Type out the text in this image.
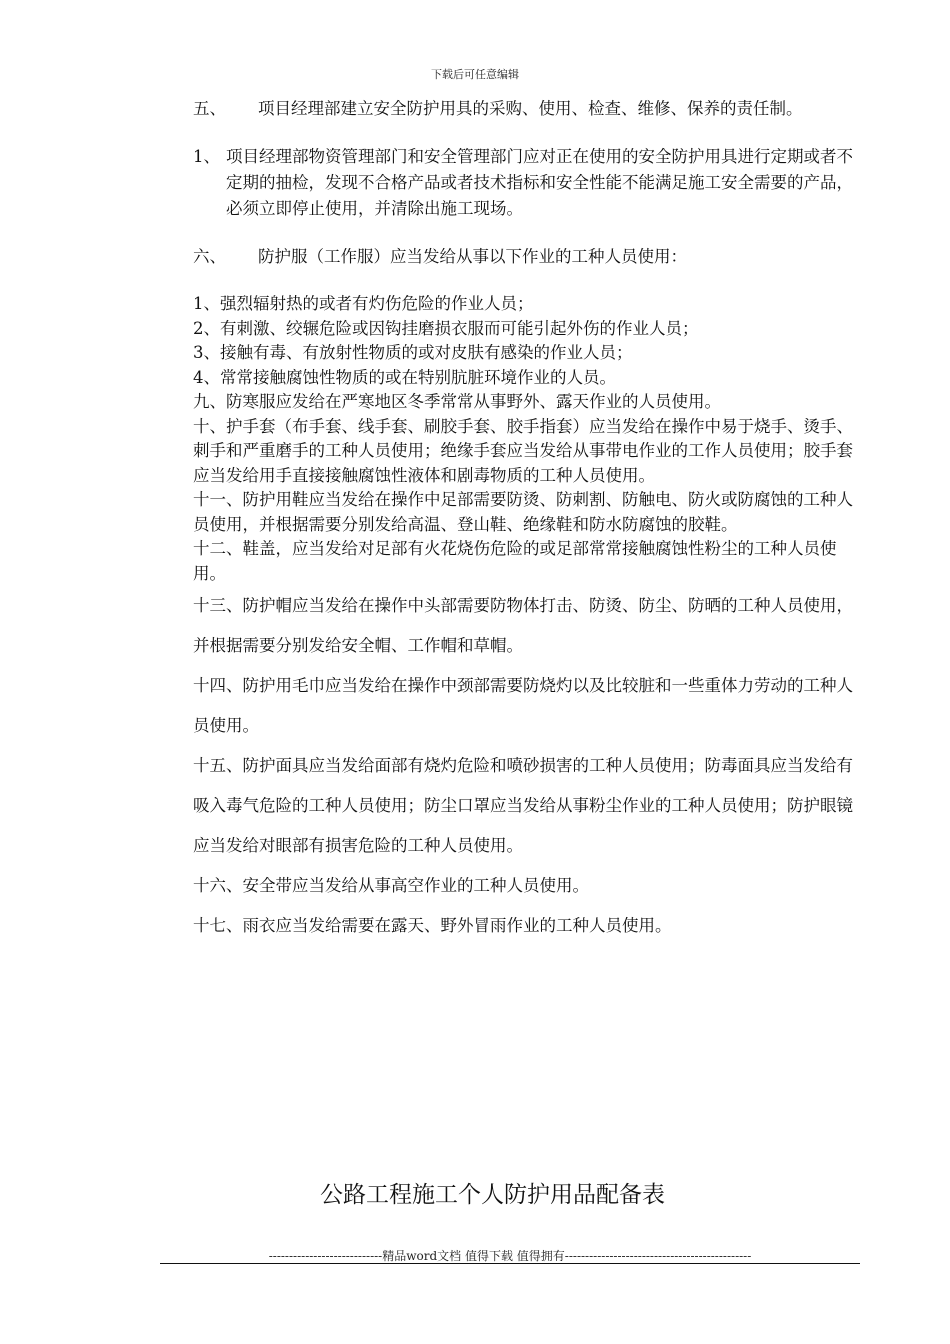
下载后可任意编辑

五、 项目经理部建立安全防护用具的采购、使用、检查、维修、保养的责任制。

1、 项目经理部物资管理部门和安全管理部门应对正在使用的安全防护用具进行定期或者不定期的抽检，发现不合格产品或者技术指标和安全性能不能满足施工安全需要的产品，必须立即停止使用，并清除出施工现场。

六、 防护服（工作服）应当发给从事以下作业的工种人员使用：

1、强烈辐射热的或者有灼伤危险的作业人员；

2、有刺激、绞辗危险或因钩挂磨损衣服而可能引起外伤的作业人员；

3、接触有毒、有放射性物质的或对皮肤有感染的作业人员；

4、常常接触腐蚀性物质的或在特别肮脏环境作业的人员。

九、防寒服应发给在严寒地区冬季常常从事野外、露天作业的人员使用。

十、护手套（布手套、线手套、刷胶手套、胶手指套）应当发给在操作中易于烧手、烫手、刺手和严重磨手的工种人员使用；绝缘手套应当发给从事带电作业的工作人员使用；胶手套应当发给用手直接接触腐蚀性液体和剧毒物质的工种人员使用。

十一、防护用鞋应当发给在操作中足部需要防烫、防刺割、防触电、防火或防腐蚀的工种人员使用，并根据需要分别发给高温、登山鞋、绝缘鞋和防水防腐蚀的胶鞋。

十二、鞋盖，应当发给对足部有火花烧伤危险的或足部常常接触腐蚀性粉尘的工种人员使用。

十三、防护帽应当发给在操作中头部需要防物体打击、防烫、防尘、防晒的工种人员使用，并根据需要分别发给安全帽、工作帽和草帽。

十四、防护用毛巾应当发给在操作中颈部需要防烧灼以及比较脏和一些重体力劳动的工种人员使用。

十五、防护面具应当发给面部有烧灼危险和喷砂损害的工种人员使用；防毒面具应当发给有吸入毒气危险的工种人员使用；防尘口罩应当发给从事粉尘作业的工种人员使用；防护眼镜应当发给对眼部有损害危险的工种人员使用。

十六、安全带应当发给从事高空作业的工种人员使用。

十七、雨衣应当发给需要在露天、野外冒雨作业的工种人员使用。

公路工程施工个人防护用品配备表
----------------------------精品word文档 值得下载 值得拥有----------------------------------------------
